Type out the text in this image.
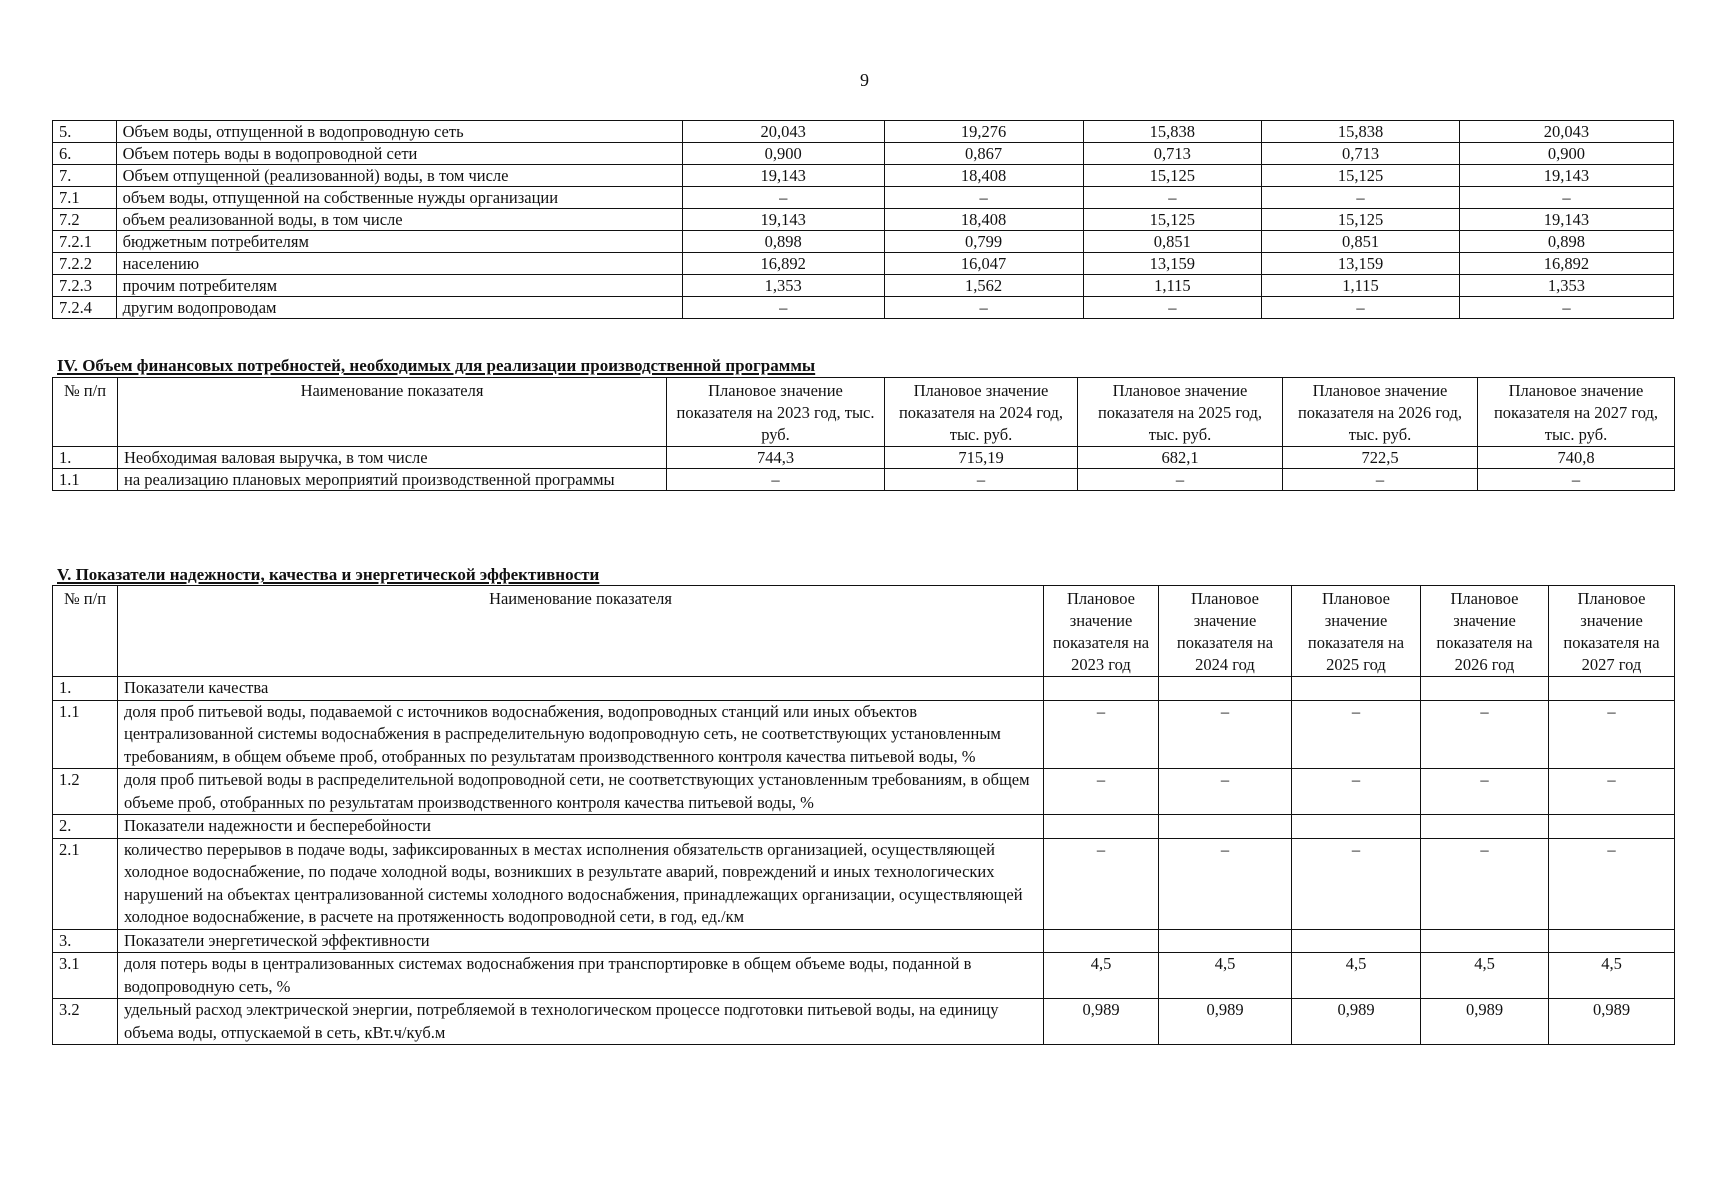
9
5.	Объем воды, отпущенной в водопроводную сеть	20,043	19,276	15,838	15,838	20,043
6.	Объем потерь воды в водопроводной сети	0,900	0,867	0,713	0,713	0,900
7.	Объем отпущенной (реализованной) воды, в том числе	19,143	18,408	15,125	15,125	19,143
7.1	объем воды, отпущенной на собственные нужды организации	–	–	–	–	–
7.2	объем реализованной воды, в том числе	19,143	18,408	15,125	15,125	19,143
7.2.1	бюджетным потребителям	0,898	0,799	0,851	0,851	0,898
7.2.2	населению	16,892	16,047	13,159	13,159	16,892
7.2.3	прочим потребителям	1,353	1,562	1,115	1,115	1,353
7.2.4	другим водопроводам	–	–	–	–	–
IV. Объем финансовых потребностей, необходимых для реализации производственной программы
№ п/п	Наименование показателя	Плановое значение показателя на 2023 год, тыс. руб.	Плановое значение показателя на 2024 год, тыс. руб.	Плановое значение показателя на 2025 год, тыс. руб.	Плановое значение показателя на 2026 год, тыс. руб.	Плановое значение показателя на 2027 год, тыс. руб.
1.	Необходимая валовая выручка, в том числе	744,3	715,19	682,1	722,5	740,8
1.1	на реализацию плановых мероприятий производственной программы	–	–	–	–	–
V. Показатели надежности, качества и энергетической эффективности
№ п/п	Наименование показателя	Плановое значение показателя на 2023 год	Плановое значение показателя на 2024 год	Плановое значение показателя на 2025 год	Плановое значение показателя на 2026 год	Плановое значение показателя на 2027 год
1.	Показатели качества					
1.1	доля проб питьевой воды, подаваемой с источников водоснабжения, водопроводных станций или иных объектов централизованной системы водоснабжения в распределительную водопроводную сеть, не соответствующих установленным требованиям, в общем объеме проб, отобранных по результатам производственного контроля качества питьевой воды, %	–	–	–	–	–
1.2	доля проб питьевой воды в распределительной водопроводной сети, не соответствующих установленным требованиям, в общем объеме проб, отобранных по результатам производственного контроля качества питьевой воды, %	–	–	–	–	–
2.	Показатели надежности и бесперебойности					
2.1	количество перерывов в подаче воды, зафиксированных в местах исполнения обязательств организацией, осуществляющей холодное водоснабжение, по подаче холодной воды, возникших в результате аварий, повреждений и иных технологических нарушений на объектах централизованной системы холодного водоснабжения, принадлежащих организации, осуществляющей холодное водоснабжение, в расчете на протяженность водопроводной сети, в год, ед./км	–	–	–	–	–
3.	Показатели энергетической эффективности					
3.1	доля потерь воды в централизованных системах водоснабжения при транспортировке в общем объеме воды, поданной в водопроводную сеть, %	4,5	4,5	4,5	4,5	4,5
3.2	удельный расход электрической энергии, потребляемой в технологическом процессе подготовки питьевой воды, на единицу объема воды, отпускаемой в сеть, кВт.ч/куб.м	0,989	0,989	0,989	0,989	0,989
